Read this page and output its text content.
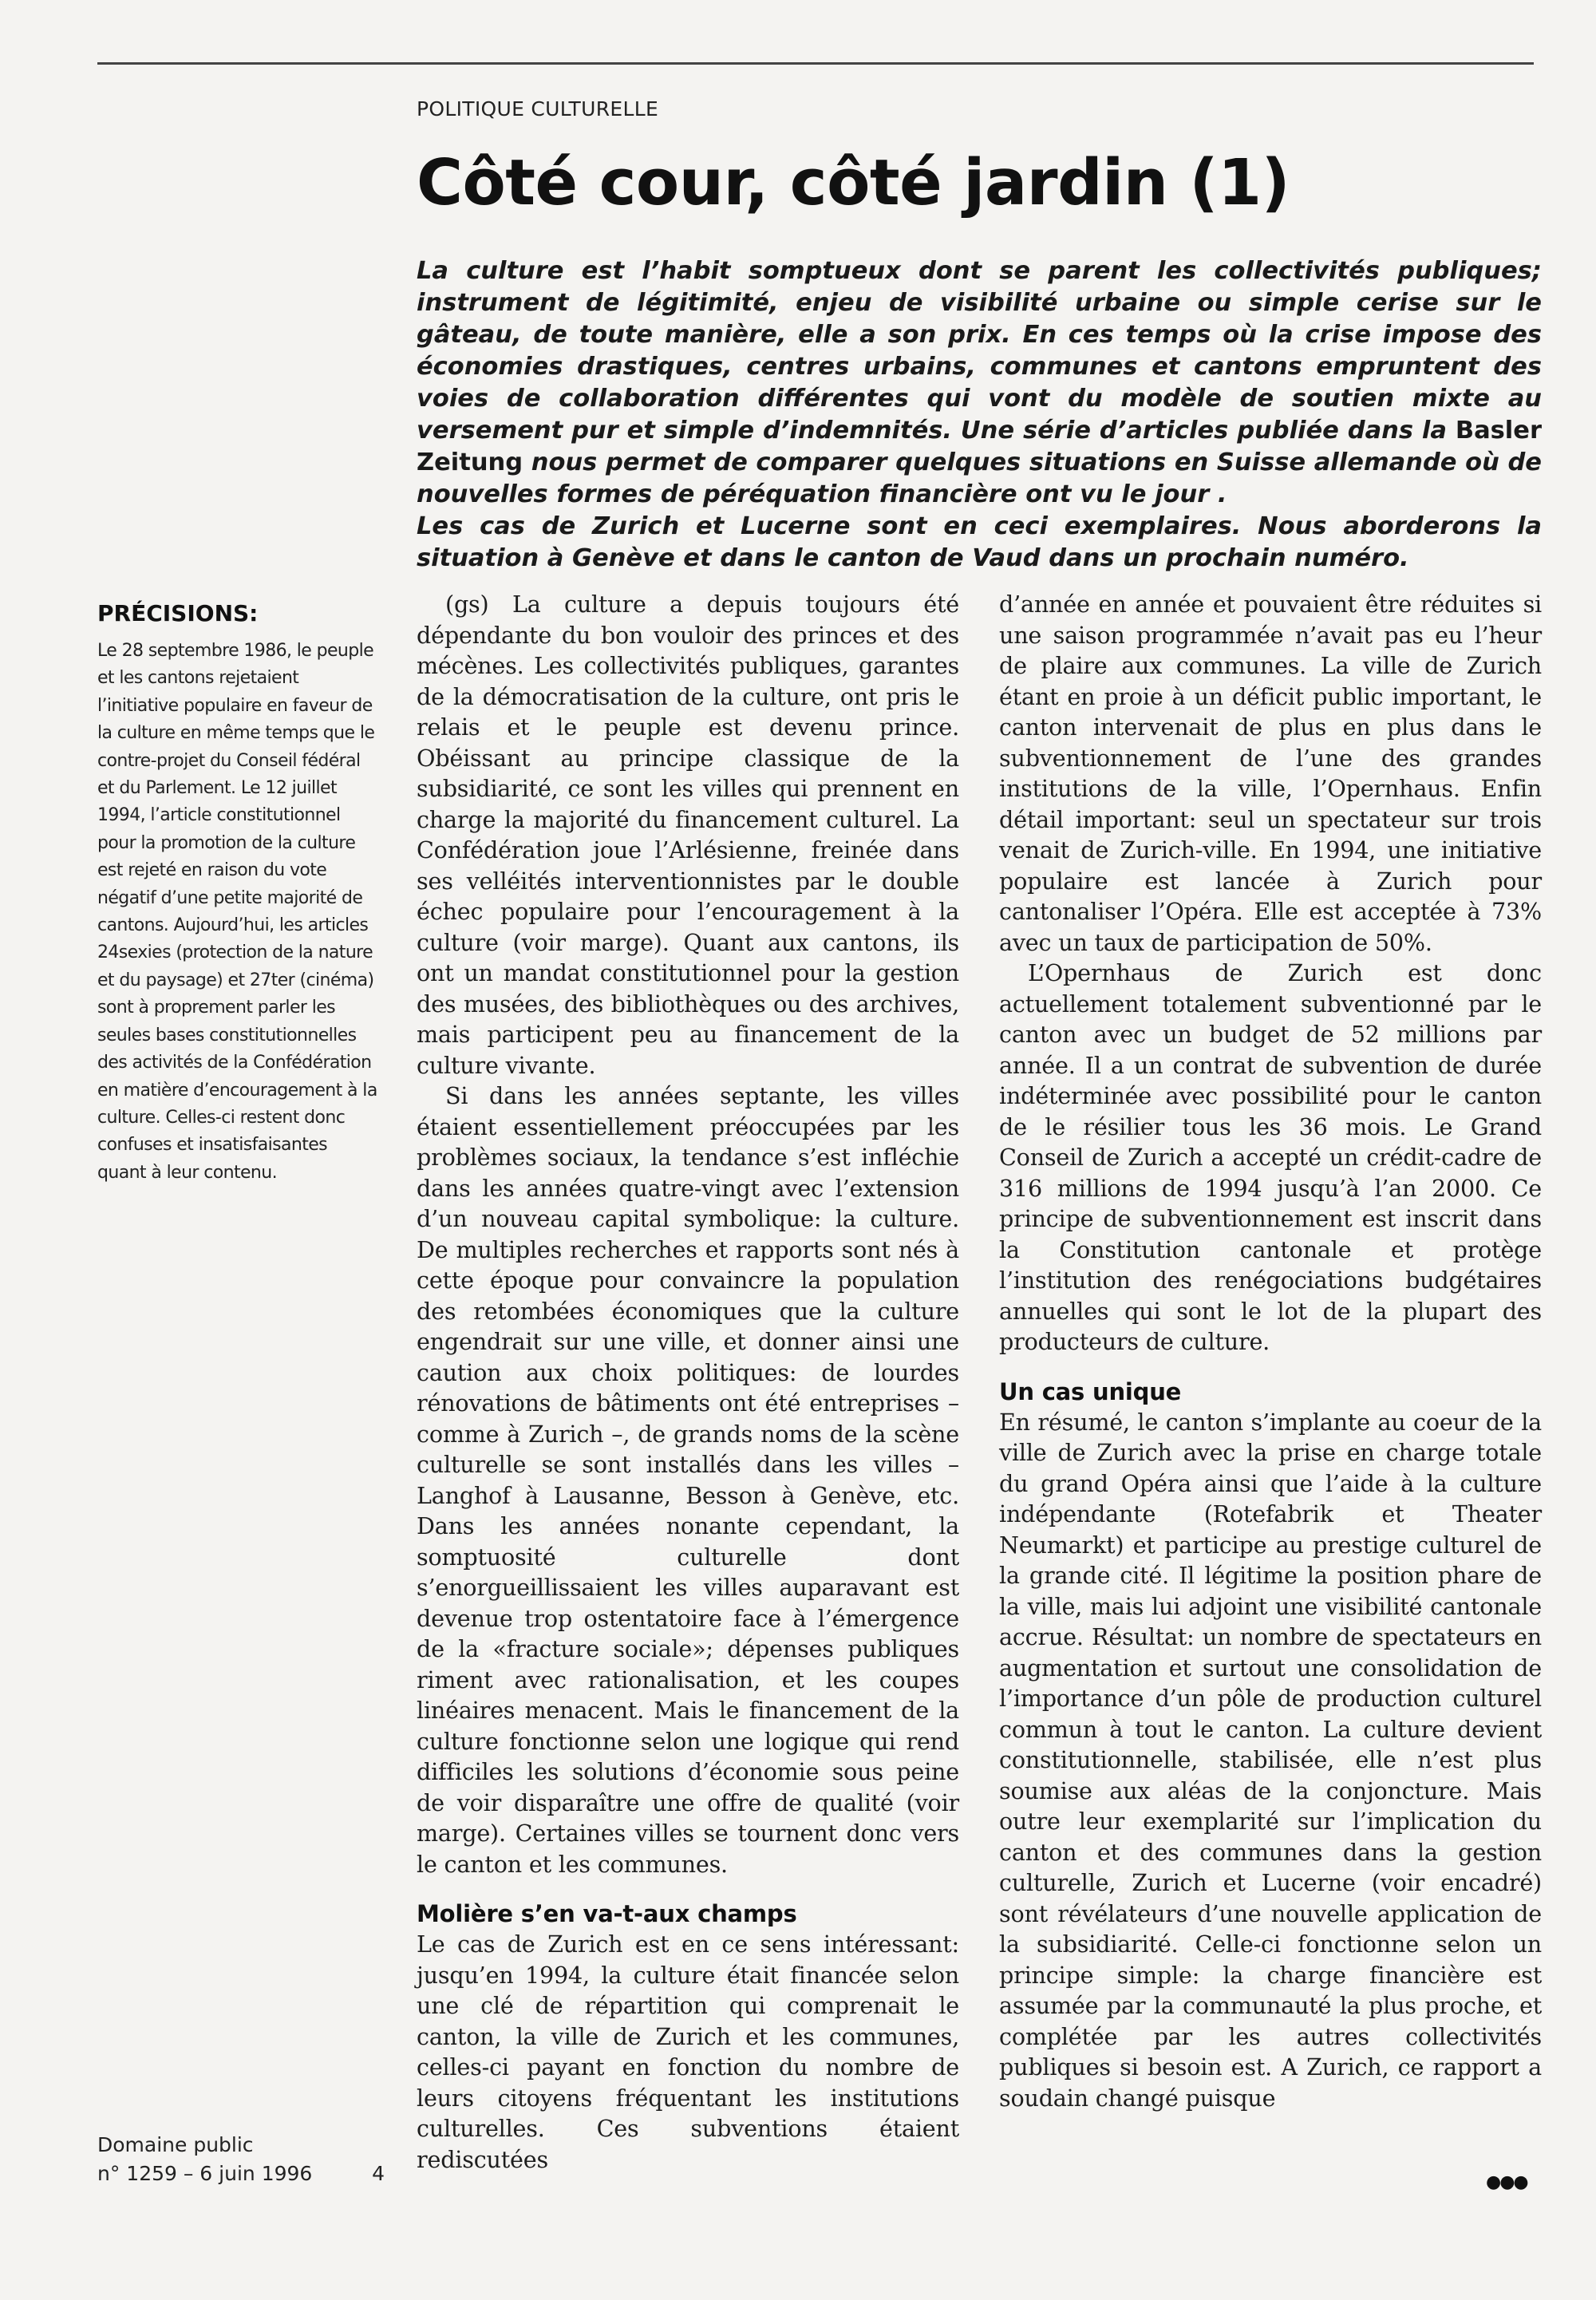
POLITIQUE CULTURELLE
Côté cour, côté jardin (1)

La culture est l’habit somptueux dont se parent les collectivités publiques; instrument de légitimité, enjeu de visibilité urbaine ou simple cerise sur le gâteau, de toute manière, elle a son prix. En ces temps où la crise impose des économies drastiques, centres urbains, communes et cantons empruntent des voies de collaboration différentes qui vont du modèle de soutien mixte au versement pur et simple d’indemnités. Une série d’articles publiée dans la Basler Zeitung nous permet de comparer quelques situations en Suisse allemande où de nouvelles formes de péréquation financière ont vu le jour .

Les cas de Zurich et Lucerne sont en ceci exemplaires. Nous aborderons la situation à Genève et dans le canton de Vaud dans un prochain numéro.

PRÉCISIONS:

Le 28 septembre 1986, le peuple et les cantons rejetaient l’initiative populaire en faveur de la culture en même temps que le contre-projet du Conseil fédéral et du Parlement. Le 12 juillet 1994, l’article constitutionnel pour la promotion de la culture est rejeté en raison du vote négatif d’une petite majorité de cantons. Aujourd’hui, les articles 24sexies (protection de la nature et du paysage) et 27ter (cinéma) sont à proprement parler les seules bases constitutionnelles des activités de la Confédération en matière d’encouragement à la culture. Celles-ci restent donc confuses et insatisfaisantes quant à leur contenu.

(gs) La culture a depuis toujours été dépendante du bon vouloir des princes et des mécènes. Les collectivités publiques, garantes de la démocratisation de la culture, ont pris le relais et le peuple est devenu prince. Obéissant au principe classique de la subsidiarité, ce sont les villes qui prennent en charge la majorité du financement culturel. La Confédération joue l’Arlésienne, freinée dans ses velléités interventionnistes par le double échec populaire pour l’encouragement à la culture (voir marge). Quant aux cantons, ils ont un mandat constitutionnel pour la gestion des musées, des bibliothèques ou des archives, mais participent peu au financement de la culture vivante.

Si dans les années septante, les villes étaient essentiellement préoccupées par les problèmes sociaux, la tendance s’est infléchie dans les années quatre-vingt avec l’extension d’un nouveau capital symbolique: la culture. De multiples recherches et rapports sont nés à cette époque pour convaincre la population des retombées économiques que la culture engendrait sur une ville, et donner ainsi une caution aux choix politiques: de lourdes rénovations de bâtiments ont été entreprises – comme à Zurich –, de grands noms de la scène culturelle se sont installés dans les villes – Langhof à Lausanne, Besson à Genève, etc. Dans les années nonante cependant, la somptuosité culturelle dont s’enorgueillissaient les villes auparavant est devenue trop ostentatoire face à l’émergence de la «fracture sociale»; dépenses publiques riment avec rationalisation, et les coupes linéaires menacent. Mais le financement de la culture fonctionne selon une logique qui rend difficiles les solutions d’économie sous peine de voir disparaître une offre de qualité (voir marge). Certaines villes se tournent donc vers le canton et les communes.

Molière s’en va-t-aux champs

Le cas de Zurich est en ce sens intéressant: jusqu’en 1994, la culture était financée selon une clé de répartition qui comprenait le canton, la ville de Zurich et les communes, celles-ci payant en fonction du nombre de leurs citoyens fréquentant les institutions culturelles. Ces subventions étaient rediscutées

d’année en année et pouvaient être réduites si une saison programmée n’avait pas eu l’heur de plaire aux communes. La ville de Zurich étant en proie à un déficit public important, le canton intervenait de plus en plus dans le subventionnement de l’une des grandes institutions de la ville, l’Opernhaus. Enfin détail important: seul un spectateur sur trois venait de Zurich-ville. En 1994, une initiative populaire est lancée à Zurich pour cantonaliser l’Opéra. Elle est acceptée à 73% avec un taux de participation de 50%.

L’Opernhaus de Zurich est donc actuellement totalement subventionné par le canton avec un budget de 52 millions par année. Il a un contrat de subvention de durée indéterminée avec possibilité pour le canton de le résilier tous les 36 mois. Le Grand Conseil de Zurich a accepté un crédit-cadre de 316 millions de 1994 jusqu’à l’an 2000. Ce principe de subventionnement est inscrit dans la Constitution cantonale et protège l’institution des renégociations budgétaires annuelles qui sont le lot de la plupart des producteurs de culture.

Un cas unique

En résumé, le canton s’implante au coeur de la ville de Zurich avec la prise en charge totale du grand Opéra ainsi que l’aide à la culture indépendante (Rotefabrik et Theater Neumarkt) et participe au prestige culturel de la grande cité. Il légitime la position phare de la ville, mais lui adjoint une visibilité cantonale accrue. Résultat: un nombre de spectateurs en augmentation et surtout une consolidation de l’importance d’un pôle de production culturel commun à tout le canton. La culture devient constitutionnelle, stabilisée, elle n’est plus soumise aux aléas de la conjoncture. Mais outre leur exemplarité sur l’implication du canton et des communes dans la gestion culturelle, Zurich et Lucerne (voir encadré) sont révélateurs d’une nouvelle application de la subsidiarité. Celle-ci fonctionne selon un principe simple: la charge financière est assumée par la communauté la plus proche, et complétée par les autres collectivités publiques si besoin est. A Zurich, ce rapport a soudain changé puisque

Domaine public
n° 1259 – 6 juin 1996	4	●●●
